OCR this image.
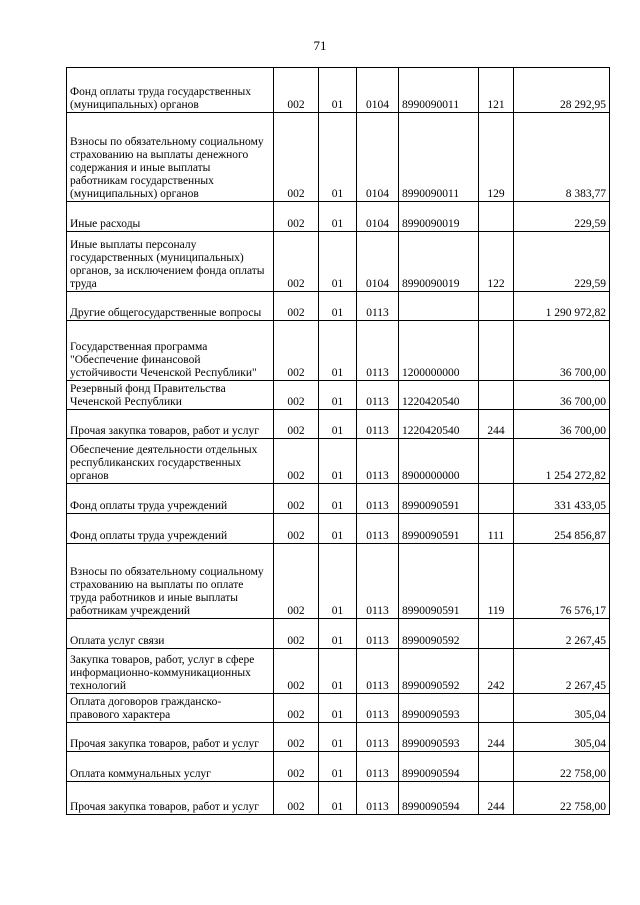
71
Фонд оплаты труда государственных (муниципальных) органов	002	01	0104	8990090011	121	28 292,95
Взносы по обязательному социальному страхованию на выплаты денежного содержания и иные выплаты работникам государственных (муниципальных) органов	002	01	0104	8990090011	129	8 383,77
Иные расходы	002	01	0104	8990090019		229,59
Иные выплаты персоналу государственных (муниципальных) органов, за исключением фонда оплаты труда	002	01	0104	8990090019	122	229,59
Другие общегосударственные вопросы	002	01	0113			1 290 972,82
Государственная программа "Обеспечение финансовой устойчивости Чеченской Республики"	002	01	0113	1200000000		36 700,00
Резервный фонд Правительства Чеченской Республики	002	01	0113	1220420540		36 700,00
Прочая закупка товаров, работ и услуг	002	01	0113	1220420540	244	36 700,00
Обеспечение деятельности отдельных республиканских государственных органов	002	01	0113	8900000000		1 254 272,82
Фонд оплаты труда учреждений	002	01	0113	8990090591		331 433,05
Фонд оплаты труда учреждений	002	01	0113	8990090591	111	254 856,87
Взносы по обязательному социальному страхованию на выплаты по оплате труда работников и иные выплаты работникам учреждений	002	01	0113	8990090591	119	76 576,17
Оплата услуг связи	002	01	0113	8990090592		2 267,45
Закупка товаров, работ, услуг в сфере информационно-коммуникационных технологий	002	01	0113	8990090592	242	2 267,45
Оплата договоров гражданско-правового характера	002	01	0113	8990090593		305,04
Прочая закупка товаров, работ и услуг	002	01	0113	8990090593	244	305,04
Оплата коммунальных услуг	002	01	0113	8990090594		22 758,00
Прочая закупка товаров, работ и услуг	002	01	0113	8990090594	244	22 758,00
